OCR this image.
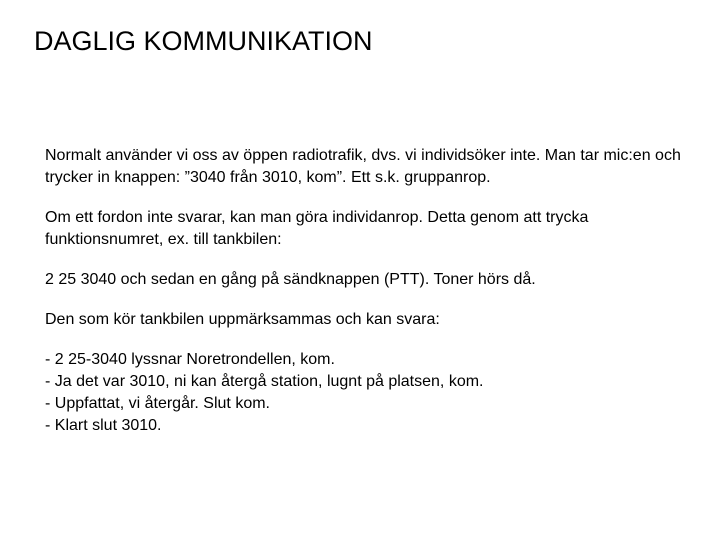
DAGLIG KOMMUNIKATION

Normalt använder vi oss av öppen radiotrafik, dvs. vi individsöker inte. Man tar mic:en och trycker in knappen: ”3040 från 3010, kom”. Ett s.k. gruppanrop.

Om ett fordon inte svarar, kan man göra individanrop. Detta genom att trycka funktionsnumret, ex. till tankbilen:

2 25 3040 och sedan en gång på sändknappen (PTT). Toner hörs då.

Den som kör tankbilen uppmärksammas och kan svara:

- 2 25-3040 lyssnar Noretrondellen, kom.
- Ja det var 3010, ni kan återgå station, lugnt på platsen, kom.
- Uppfattat, vi återgår. Slut kom.
- Klart slut 3010.
